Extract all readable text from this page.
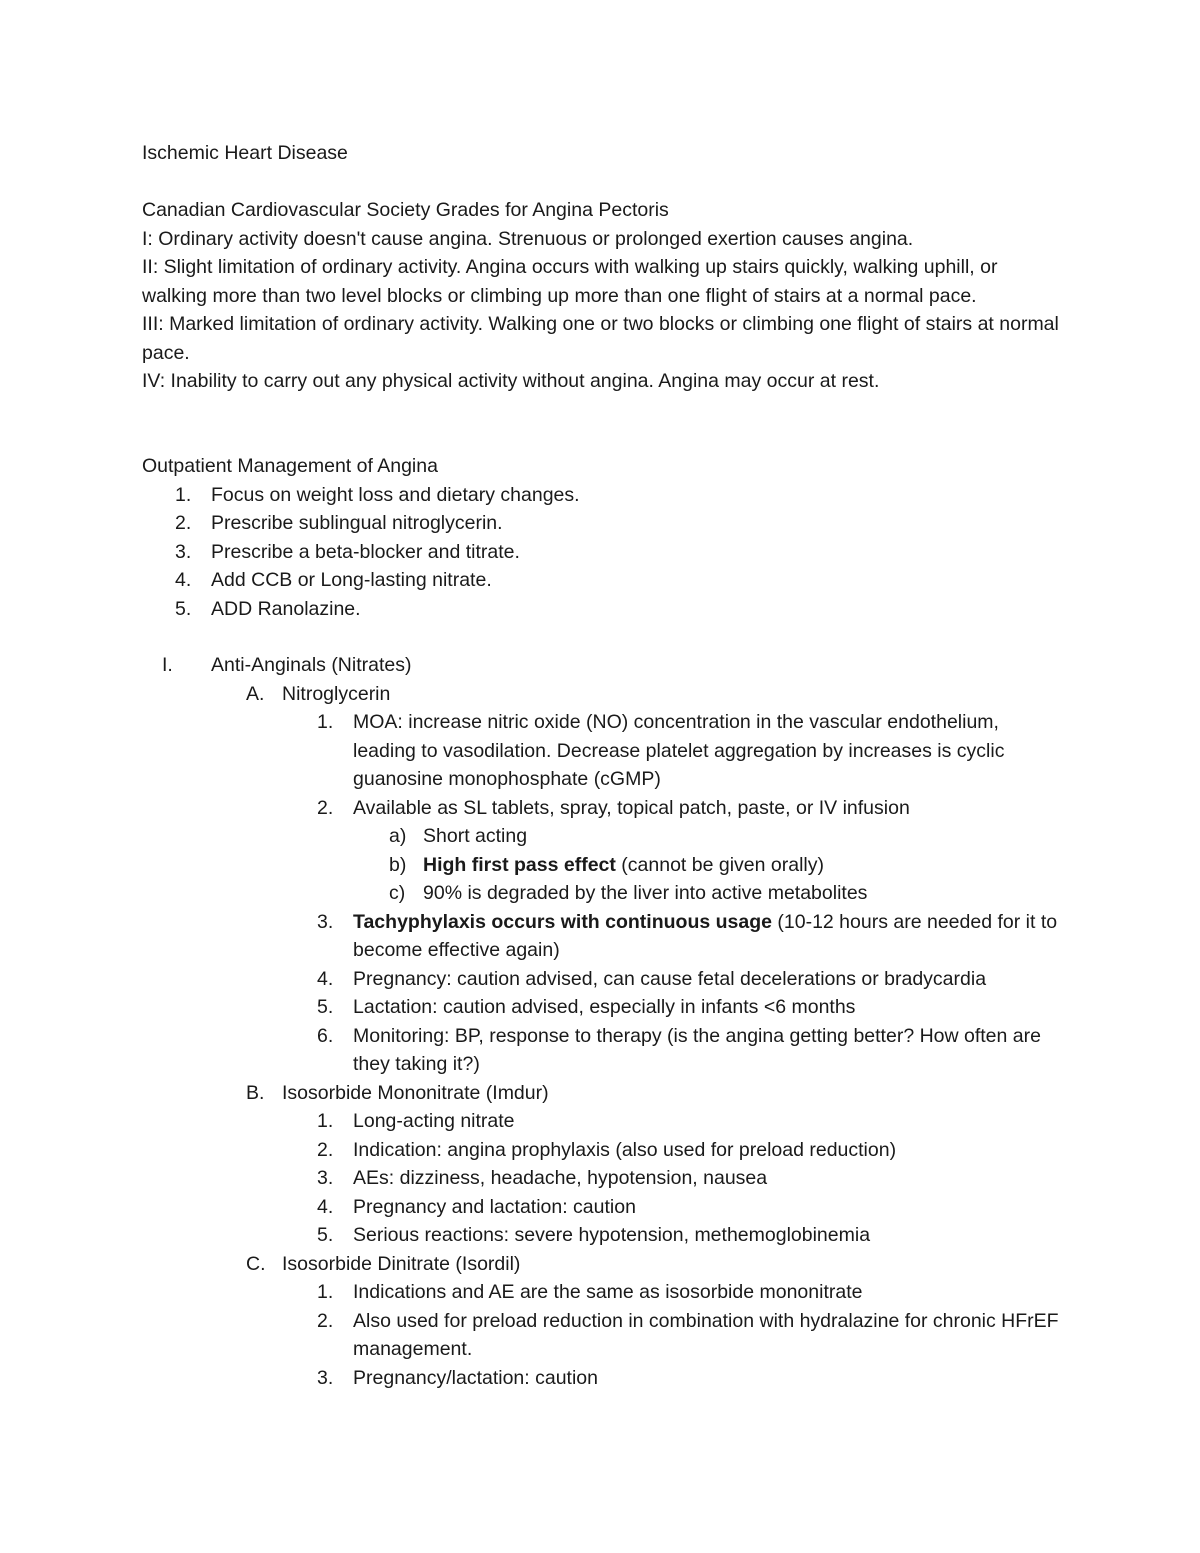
Ischemic Heart Disease
Canadian Cardiovascular Society Grades for Angina Pectoris
I: Ordinary activity doesn't cause angina. Strenuous or prolonged exertion causes angina.
II: Slight limitation of ordinary activity. Angina occurs with walking up stairs quickly, walking uphill, or walking more than two level blocks or climbing up more than one flight of stairs at a normal pace.
III: Marked limitation of ordinary activity. Walking one or two blocks or climbing one flight of stairs at normal pace.
IV: Inability to carry out any physical activity without angina. Angina may occur at rest.
Outpatient Management of Angina
1. Focus on weight loss and dietary changes.
2. Prescribe sublingual nitroglycerin.
3. Prescribe a beta-blocker and titrate.
4. Add CCB or Long-lasting nitrate.
5. ADD Ranolazine.
I. Anti-Anginals (Nitrates)
A. Nitroglycerin
1. MOA: increase nitric oxide (NO) concentration in the vascular endothelium, leading to vasodilation. Decrease platelet aggregation by increases is cyclic guanosine monophosphate (cGMP)
2. Available as SL tablets, spray, topical patch, paste, or IV infusion
a) Short acting
b) High first pass effect (cannot be given orally)
c) 90% is degraded by the liver into active metabolites
3. Tachyphylaxis occurs with continuous usage (10-12 hours are needed for it to become effective again)
4. Pregnancy: caution advised, can cause fetal decelerations or bradycardia
5. Lactation: caution advised, especially in infants <6 months
6. Monitoring: BP, response to therapy (is the angina getting better? How often are they taking it?)
B. Isosorbide Mononitrate (Imdur)
1. Long-acting nitrate
2. Indication: angina prophylaxis (also used for preload reduction)
3. AEs: dizziness, headache, hypotension, nausea
4. Pregnancy and lactation: caution
5. Serious reactions: severe hypotension, methemoglobinemia
C. Isosorbide Dinitrate (Isordil)
1. Indications and AE are the same as isosorbide mononitrate
2. Also used for preload reduction in combination with hydralazine for chronic HFrEF management.
3. Pregnancy/lactation: caution
